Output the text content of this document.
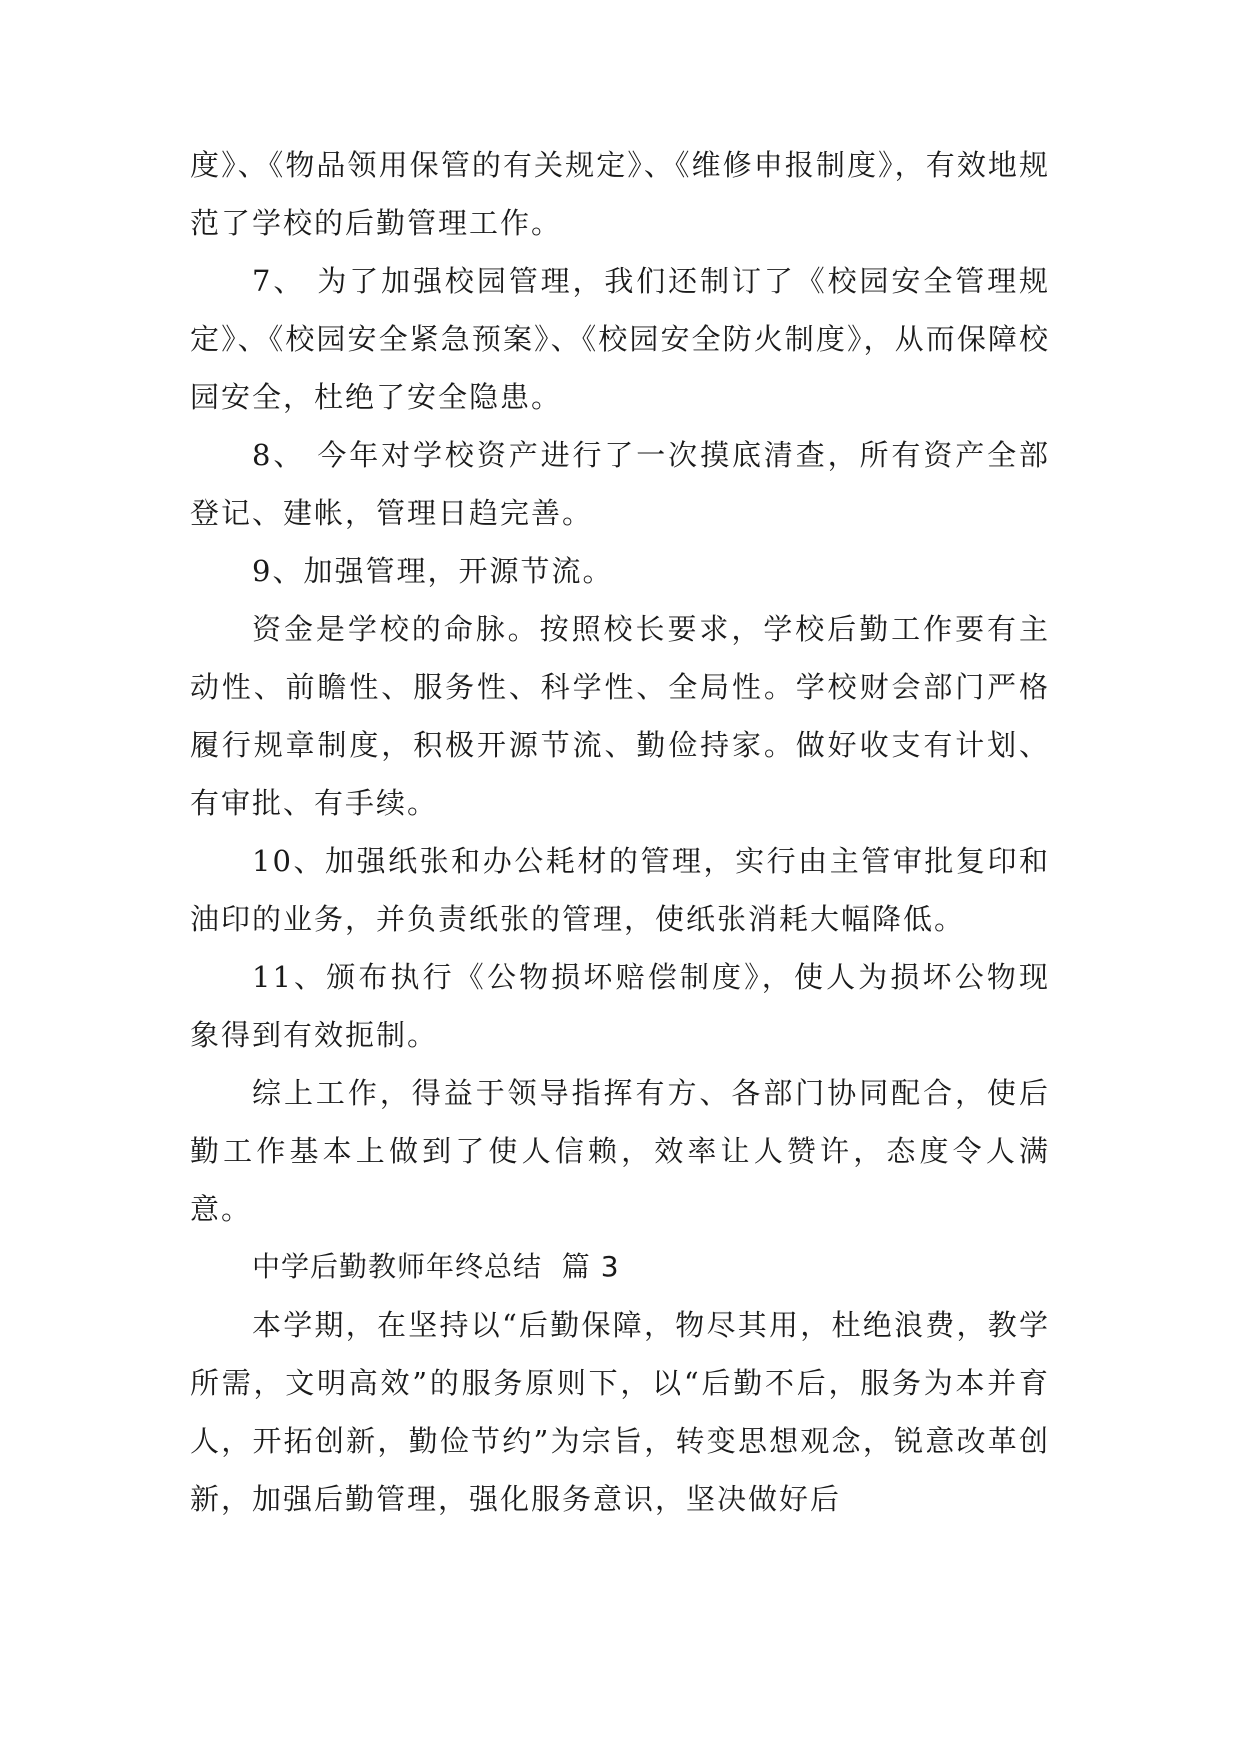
度》、《物品领用保管的有关规定》、《维修申报制度》，有效地规范了学校的后勤管理工作。

7、 为了加强校园管理，我们还制订了《校园安全管理规定》、《校园安全紧急预案》、《校园安全防火制度》，从而保障校园安全，杜绝了安全隐患。

8、 今年对学校资产进行了一次摸底清查，所有资产全部登记、建帐，管理日趋完善。

9、加强管理，开源节流。

资金是学校的命脉。按照校长要求，学校后勤工作要有主动性、前瞻性、服务性、科学性、全局性。学校财会部门严格履行规章制度，积极开源节流、勤俭持家。做好收支有计划、有审批、有手续。

10、加强纸张和办公耗材的管理，实行由主管审批复印和油印的业务，并负责纸张的管理，使纸张消耗大幅降低。

11、颁布执行《公物损坏赔偿制度》，使人为损坏公物现象得到有效扼制。

综上工作，得益于领导指挥有方、各部门协同配合，使后勤工作基本上做到了使人信赖，效率让人赞许，态度令人满意。

中学后勤教师年终总结  篇 3

本学期，在坚持以“后勤保障，物尽其用，杜绝浪费，教学所需，文明高效”的服务原则下，以“后勤不后，服务为本并育人，开拓创新，勤俭节约”为宗旨，转变思想观念，锐意改革创新，加强后勤管理，强化服务意识，坚决做好后
